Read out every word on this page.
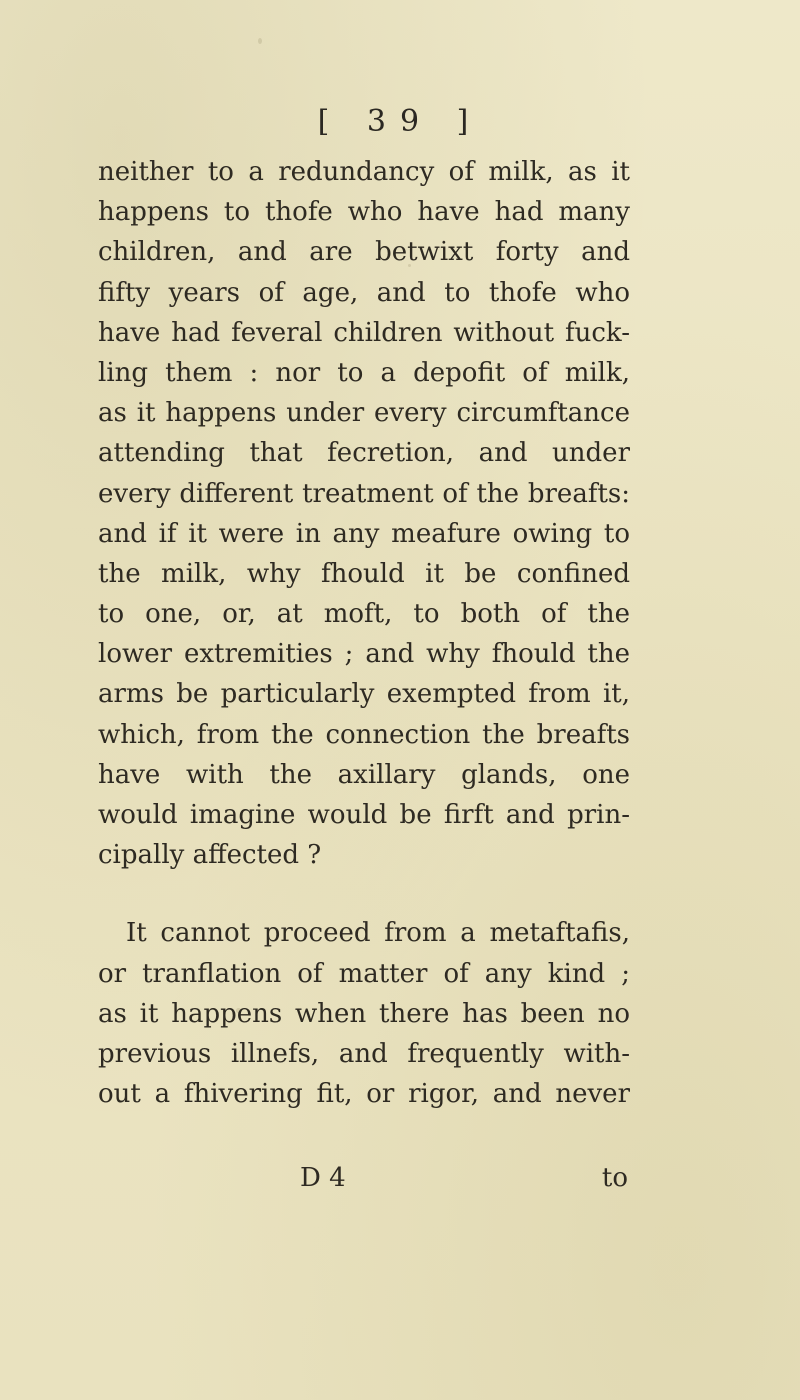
[ 39 ]
neither to a redundancy of milk, as it
happens to thofe who have had many
children, and are betwixt forty and
fifty years of age, and to thofe who
have had feveral children without fuck-
ling them : nor to a depofit of milk,
as it happens under every circumftance
attending that fecretion, and under
every different treatment of the breafts:
and if it were in any meafure owing to
the milk, why fhould it be confined
to one, or, at moft, to both of the
lower extremities ; and why fhould the
arms be particularly exempted from it,
which, from the connection the breafts
have with the axillary glands, one
would imagine would be firft and prin-
cipally affected ?
It cannot proceed from a metaftafis,
or tranflation of matter of any kind ;
as it happens when there has been no
previous illnefs, and frequently with-
out a fhivering fit, or rigor, and never
D 4	to
